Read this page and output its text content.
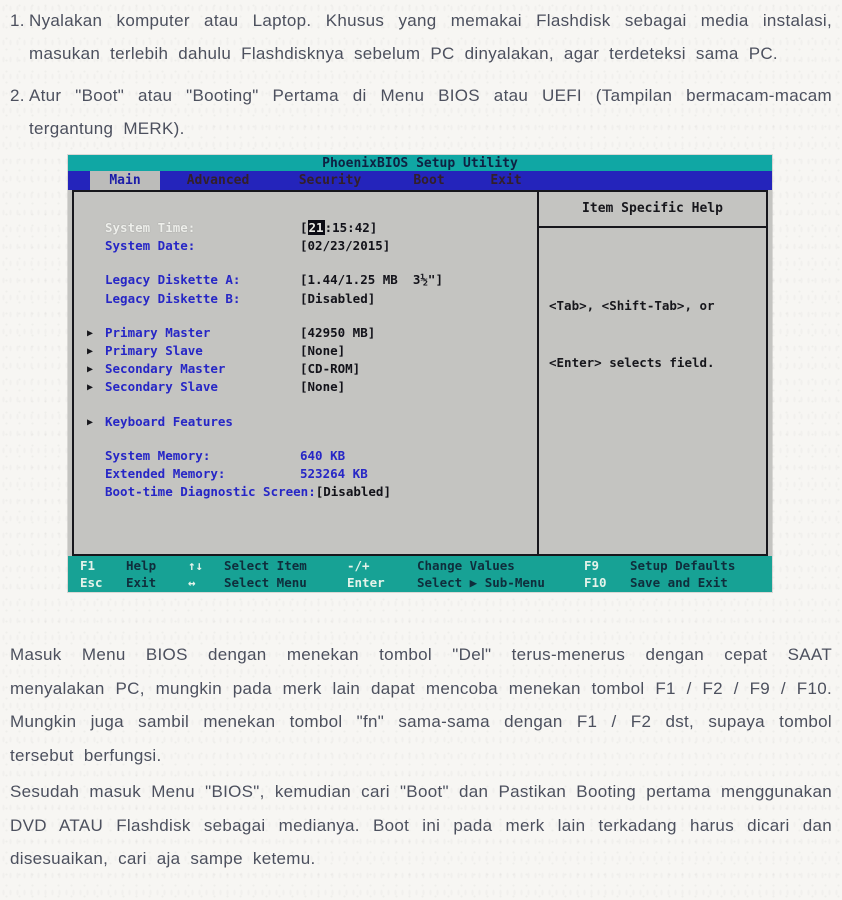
1. Nyalakan komputer atau Laptop. Khusus yang memakai Flashdisk sebagai media instalasi, masukan terlebih dahulu Flashdisknya sebelum PC dinyalakan, agar terdeteksi sama PC.
2. Atur "Boot" atau "Booting" Pertama di Menu BIOS atau UEFI (Tampilan bermacam-macam tergantung MERK).
PhoenixBIOS Setup Utility
Main	Advanced	Security	Boot	Exit
System Time:	[21:15:42]
System Date:	[02/23/2015]
Legacy Diskette A:	[1.44/1.25 MB  3½"]
Legacy Diskette B:	[Disabled]
▶ Primary Master	[42950 MB]
▶ Primary Slave	[None]
▶ Secondary Master	[CD-ROM]
▶ Secondary Slave	[None]
▶ Keyboard Features
System Memory:	640 KB
Extended Memory:	523264 KB
Boot-time Diagnostic Screen: [Disabled]
Item Specific Help

<Tab>, <Shift-Tab>, or

<Enter> selects field.

F1	Help	↑↓	Select Item	-/+	Change Values	F9	Setup Defaults
Esc	Exit	↔	Select Menu	Enter	Select ▶ Sub-Menu	F10	Save and Exit

Masuk Menu BIOS dengan menekan tombol "Del" terus-menerus dengan cepat SAAT menyalakan PC, mungkin pada merk lain dapat mencoba menekan tombol F1 / F2 / F9 / F10. Mungkin juga sambil menekan tombol "fn" sama-sama dengan F1 / F2 dst, supaya tombol tersebut berfungsi.

Sesudah masuk Menu "BIOS", kemudian cari "Boot" dan Pastikan Booting pertama menggunakan DVD ATAU Flashdisk sebagai medianya. Boot ini pada merk lain terkadang harus dicari dan disesuaikan, cari aja sampe ketemu.
